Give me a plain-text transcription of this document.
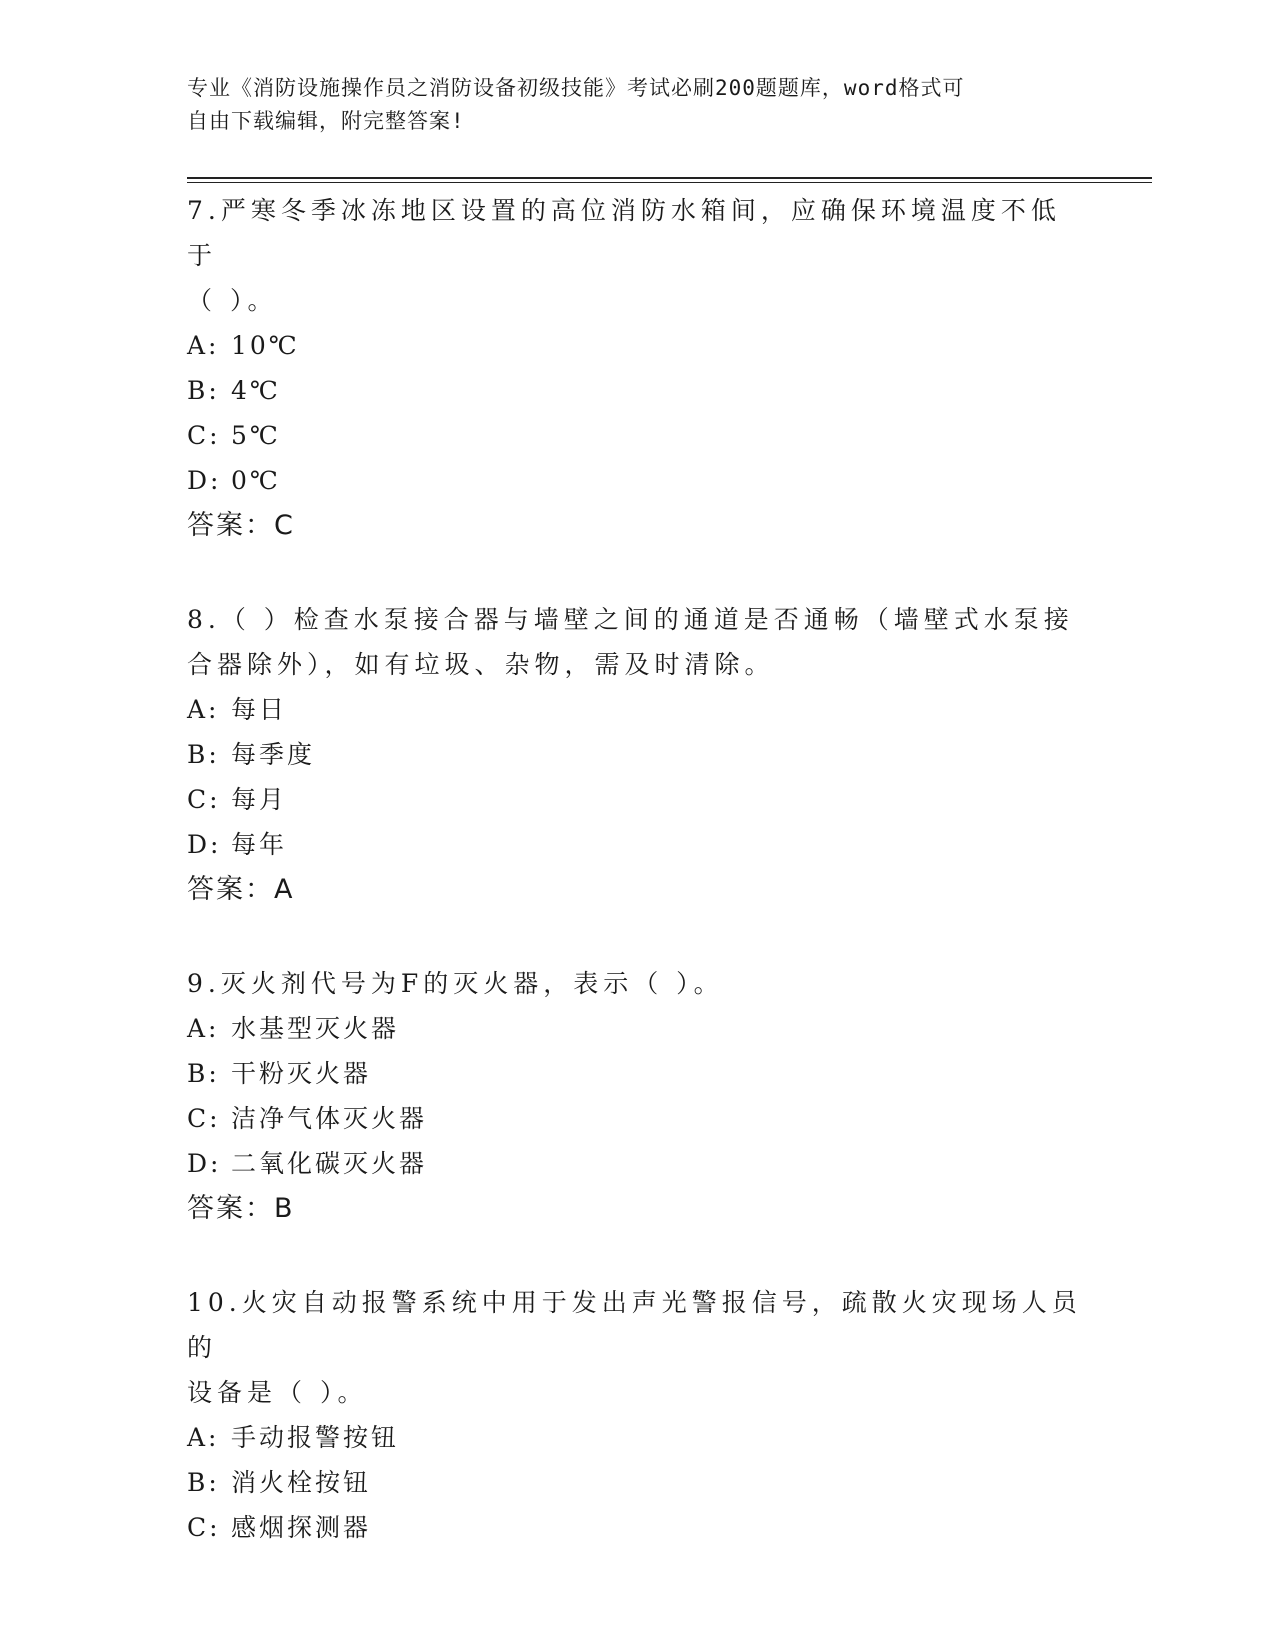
专业《消防设施操作员之消防设备初级技能》考试必刷200题题库，word格式可
自由下载编辑，附完整答案!

7.严寒冬季冰冻地区设置的高位消防水箱间，应确保环境温度不低于
（ ）。

A: 10℃

B: 4℃

C: 5℃

D: 0℃

答案：C

8.（ ）检查水泵接合器与墙壁之间的通道是否通畅（墙壁式水泵接
合器除外），如有垃圾、杂物，需及时清除。

A: 每日

B: 每季度

C: 每月

D: 每年

答案：A

9.灭火剂代号为F的灭火器，表示（ ）。

A: 水基型灭火器

B: 干粉灭火器

C: 洁净气体灭火器

D: 二氧化碳灭火器

答案：B

10.火灾自动报警系统中用于发出声光警报信号，疏散火灾现场人员的
设备是（ ）。

A: 手动报警按钮

B: 消火栓按钮

C: 感烟探测器
